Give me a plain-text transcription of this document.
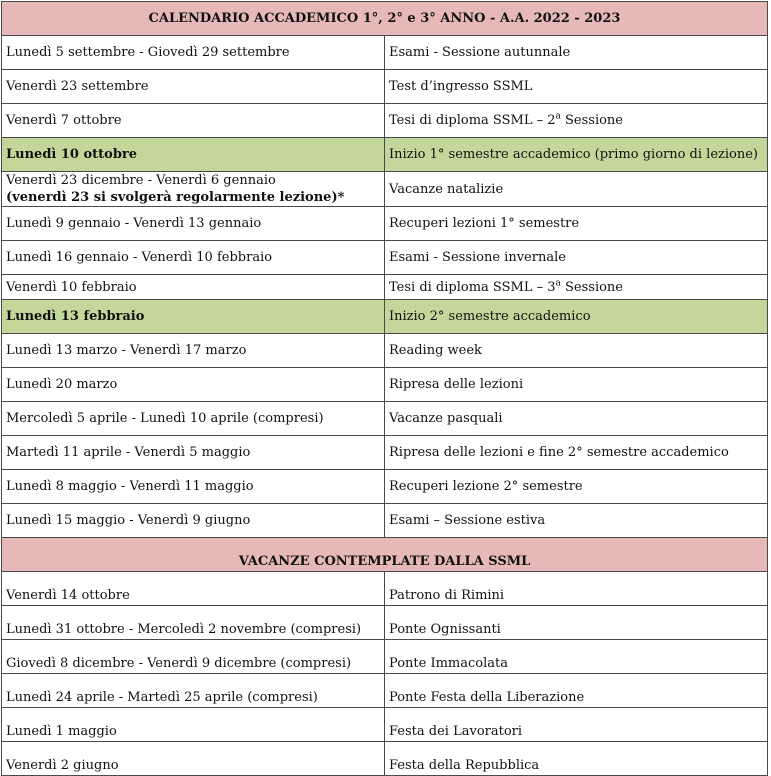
CALENDARIO ACCADEMICO 1°, 2° e 3° ANNO - A.A. 2022 - 2023	
Lunedì 5 settembre - Giovedì 29 settembre	Esami - Sessione autunnale
Venerdì 23 settembre	Test d’ingresso SSML
Venerdì 7 ottobre	Tesi di diploma SSML – 2$^a$ Sessione
Lunedì 10 ottobre	Inizio 1° semestre accademico (primo giorno di lezione)

Venerdì 23 dicembre - Venerdì 6 gennaio
(venerdì 23 si svolgerà regolarmente lezione)*	Vacanze natalizie
Lunedì 9 gennaio - Venerdì 13 gennaio	Recuperi lezioni 1° semestre
Lunedì 16 gennaio - Venerdì 10 febbraio	Esami - Sessione invernale
Venerdì 10 febbraio	Tesi di diploma SSML – 3$^a$ Sessione
Lunedì 13 febbraio	Inizio 2° semestre accademico
Lunedì 13 marzo - Venerdì 17 marzo	Reading week
Lunedì 20 marzo	Ripresa delle lezioni
Mercoledì 5 aprile - Lunedì 10 aprile (compresi)	Vacanze pasquali
Martedì 11 aprile - Venerdì 5 maggio	Ripresa delle lezioni e fine 2° semestre accademico
Lunedì 8 maggio - Venerdì 11 maggio	Recuperi lezione 2° semestre
Lunedì 15 maggio - Venerdì 9 giugno	Esami – Sessione estiva
VACANZE CONTEMPLATE DALLA SSML	
Venerdì 14 ottobre	Patrono di Rimini
Lunedì 31 ottobre - Mercoledì 2 novembre (compresi)	Ponte Ognissanti
Giovedì 8 dicembre - Venerdì 9 dicembre (compresi)	Ponte Immacolata
Lunedì 24 aprile - Martedì 25 aprile (compresi)	Ponte Festa della Liberazione
Lunedì 1 maggio	Festa dei Lavoratori
Venerdì 2 giugno	Festa della Repubblica
